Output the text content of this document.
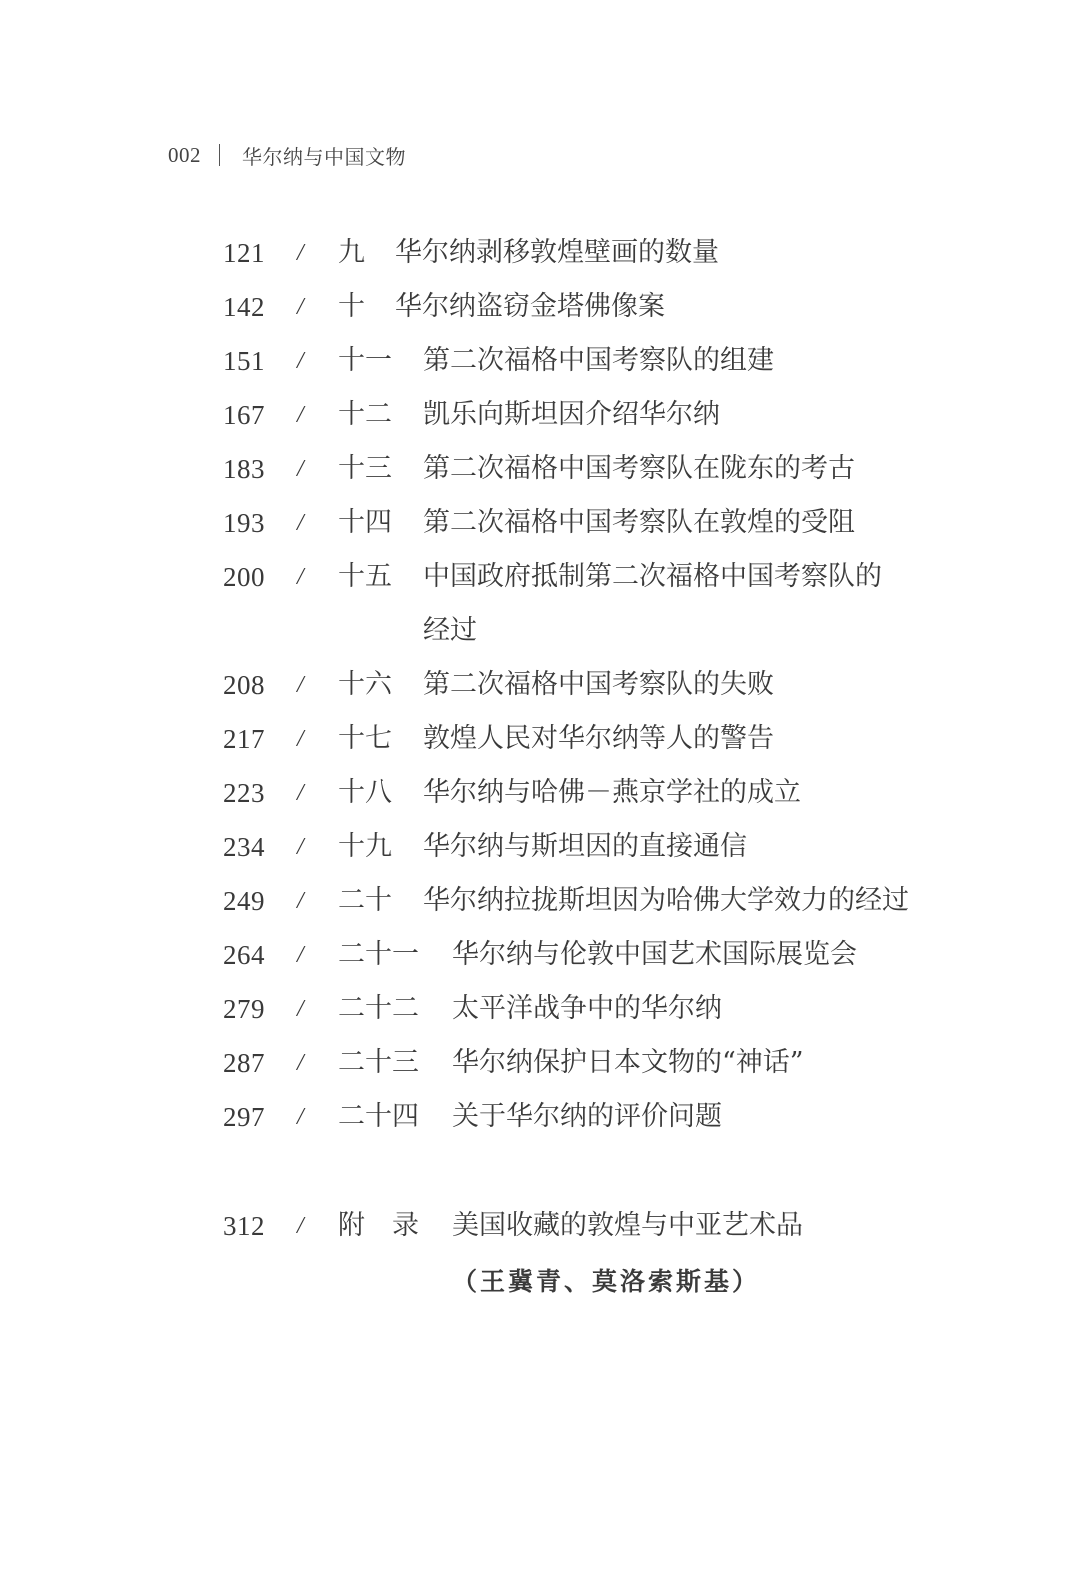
002 华尔纳与中国文物
121 / 九 华尔纳剥移敦煌壁画的数量
142 / 十 华尔纳盗窃金塔佛像案
151 / 十一 第二次福格中国考察队的组建
167 / 十二 凯乐向斯坦因介绍华尔纳
183 / 十三 第二次福格中国考察队在陇东的考古
193 / 十四 第二次福格中国考察队在敦煌的受阻
200 / 十五 中国政府抵制第二次福格中国考察队的
经过
208 / 十六 第二次福格中国考察队的失败
217 / 十七 敦煌人民对华尔纳等人的警告
223 / 十八 华尔纳与哈佛－燕京学社的成立
234 / 十九 华尔纳与斯坦因的直接通信
249 / 二十 华尔纳拉拢斯坦因为哈佛大学效力的经过
264 / 二十一 华尔纳与伦敦中国艺术国际展览会
279 / 二十二 太平洋战争中的华尔纳
287 / 二十三 华尔纳保护日本文物的“神话”
297 / 二十四 关于华尔纳的评价问题
312 / 附　录 美国收藏的敦煌与中亚艺术品
（王冀青、莫洛索斯基）
